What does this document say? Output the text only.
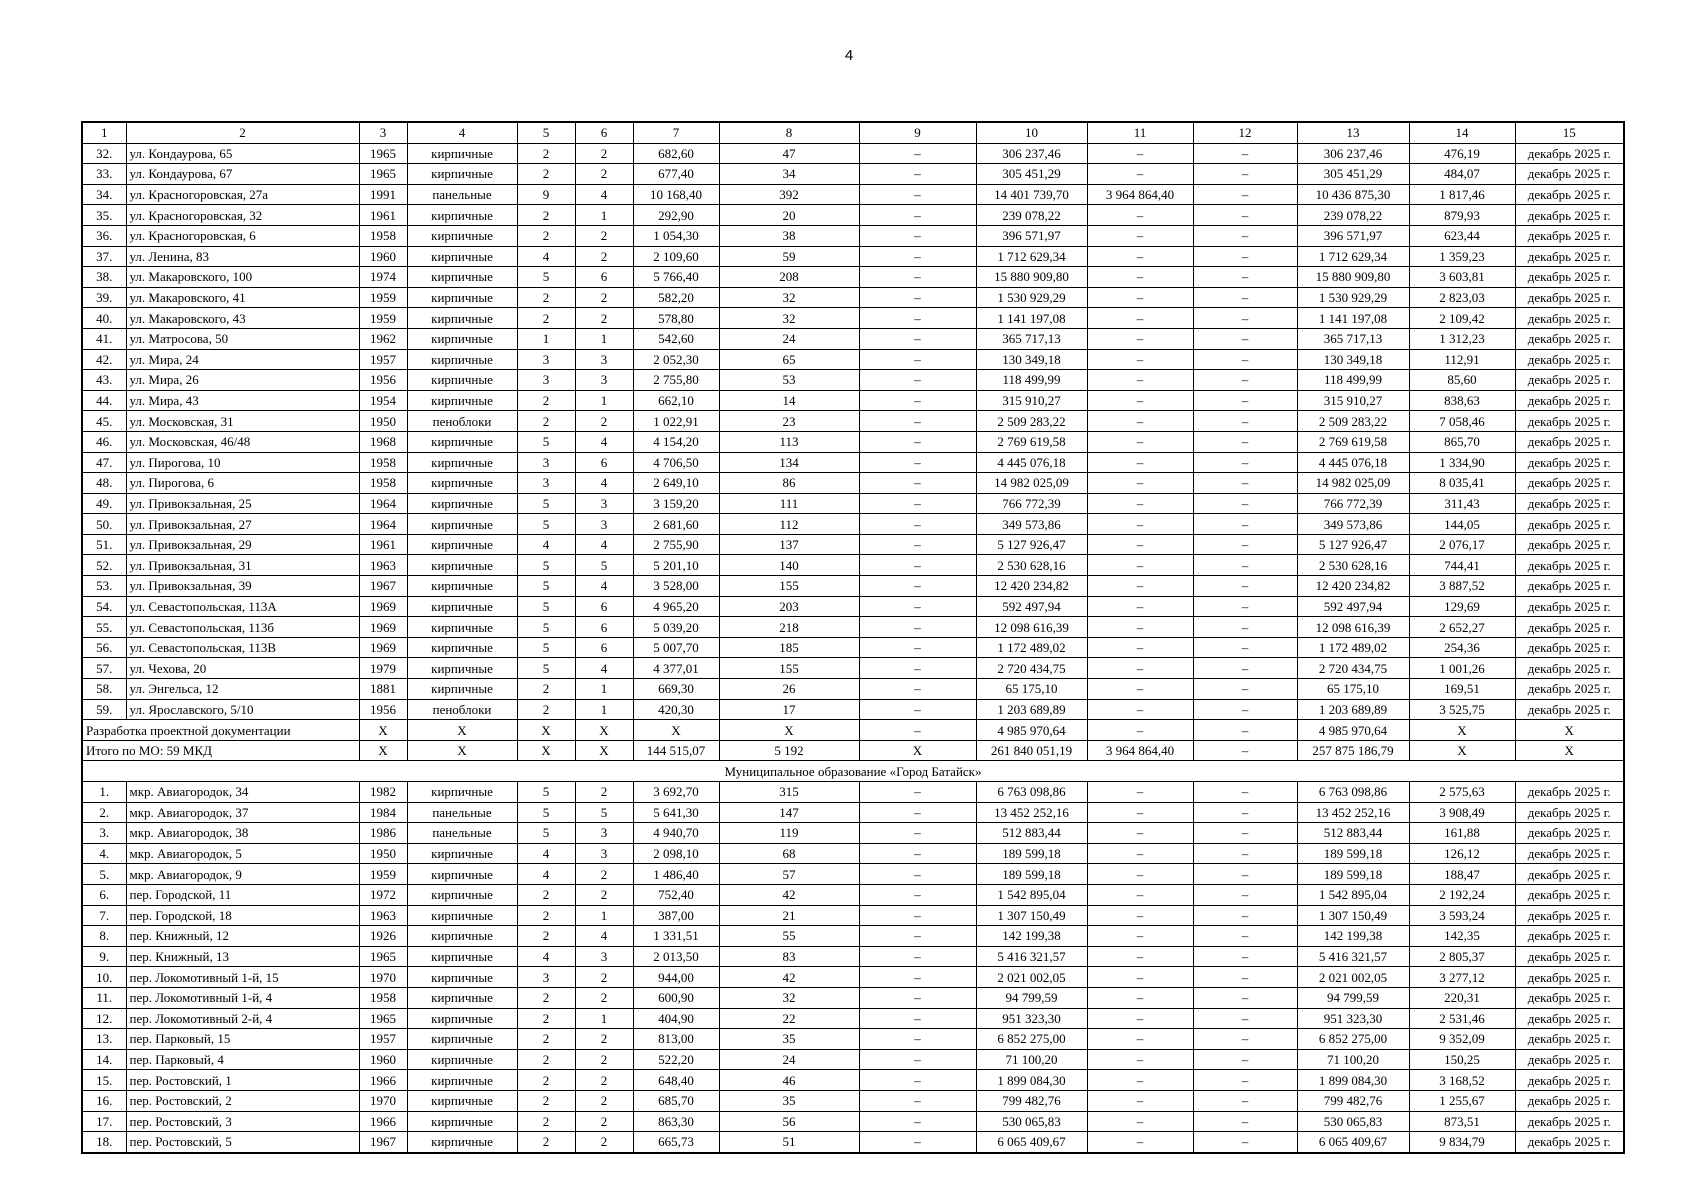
4
1	2	3	4	5	6	7	8	9	10	11	12	13	14	15
32.	ул. Кондаурова, 65	1965	кирпичные	2	2	682,60	47	–	306 237,46	–	–	306 237,46	476,19	декабрь 2025 г.
33.	ул. Кондаурова, 67	1965	кирпичные	2	2	677,40	34	–	305 451,29	–	–	305 451,29	484,07	декабрь 2025 г.
34.	ул. Красногоровская, 27а	1991	панельные	9	4	10 168,40	392	–	14 401 739,70	3 964 864,40	–	10 436 875,30	1 817,46	декабрь 2025 г.
35.	ул. Красногоровская, 32	1961	кирпичные	2	1	292,90	20	–	239 078,22	–	–	239 078,22	879,93	декабрь 2025 г.
36.	ул. Красногоровская, 6	1958	кирпичные	2	2	1 054,30	38	–	396 571,97	–	–	396 571,97	623,44	декабрь 2025 г.
37.	ул. Ленина, 83	1960	кирпичные	4	2	2 109,60	59	–	1 712 629,34	–	–	1 712 629,34	1 359,23	декабрь 2025 г.
38.	ул. Макаровского, 100	1974	кирпичные	5	6	5 766,40	208	–	15 880 909,80	–	–	15 880 909,80	3 603,81	декабрь 2025 г.
39.	ул. Макаровского, 41	1959	кирпичные	2	2	582,20	32	–	1 530 929,29	–	–	1 530 929,29	2 823,03	декабрь 2025 г.
40.	ул. Макаровского, 43	1959	кирпичные	2	2	578,80	32	–	1 141 197,08	–	–	1 141 197,08	2 109,42	декабрь 2025 г.
41.	ул. Матросова, 50	1962	кирпичные	1	1	542,60	24	–	365 717,13	–	–	365 717,13	1 312,23	декабрь 2025 г.
42.	ул. Мира, 24	1957	кирпичные	3	3	2 052,30	65	–	130 349,18	–	–	130 349,18	112,91	декабрь 2025 г.
43.	ул. Мира, 26	1956	кирпичные	3	3	2 755,80	53	–	118 499,99	–	–	118 499,99	85,60	декабрь 2025 г.
44.	ул. Мира, 43	1954	кирпичные	2	1	662,10	14	–	315 910,27	–	–	315 910,27	838,63	декабрь 2025 г.
45.	ул. Московская, 31	1950	пеноблоки	2	2	1 022,91	23	–	2 509 283,22	–	–	2 509 283,22	7 058,46	декабрь 2025 г.
46.	ул. Московская, 46/48	1968	кирпичные	5	4	4 154,20	113	–	2 769 619,58	–	–	2 769 619,58	865,70	декабрь 2025 г.
47.	ул. Пирогова, 10	1958	кирпичные	3	6	4 706,50	134	–	4 445 076,18	–	–	4 445 076,18	1 334,90	декабрь 2025 г.
48.	ул. Пирогова, 6	1958	кирпичные	3	4	2 649,10	86	–	14 982 025,09	–	–	14 982 025,09	8 035,41	декабрь 2025 г.
49.	ул. Привокзальная, 25	1964	кирпичные	5	3	3 159,20	111	–	766 772,39	–	–	766 772,39	311,43	декабрь 2025 г.
50.	ул. Привокзальная, 27	1964	кирпичные	5	3	2 681,60	112	–	349 573,86	–	–	349 573,86	144,05	декабрь 2025 г.
51.	ул. Привокзальная, 29	1961	кирпичные	4	4	2 755,90	137	–	5 127 926,47	–	–	5 127 926,47	2 076,17	декабрь 2025 г.
52.	ул. Привокзальная, 31	1963	кирпичные	5	5	5 201,10	140	–	2 530 628,16	–	–	2 530 628,16	744,41	декабрь 2025 г.
53.	ул. Привокзальная, 39	1967	кирпичные	5	4	3 528,00	155	–	12 420 234,82	–	–	12 420 234,82	3 887,52	декабрь 2025 г.
54.	ул. Севастопольская, 113А	1969	кирпичные	5	6	4 965,20	203	–	592 497,94	–	–	592 497,94	129,69	декабрь 2025 г.
55.	ул. Севастопольская, 113б	1969	кирпичные	5	6	5 039,20	218	–	12 098 616,39	–	–	12 098 616,39	2 652,27	декабрь 2025 г.
56.	ул. Севастопольская, 113В	1969	кирпичные	5	6	5 007,70	185	–	1 172 489,02	–	–	1 172 489,02	254,36	декабрь 2025 г.
57.	ул. Чехова, 20	1979	кирпичные	5	4	4 377,01	155	–	2 720 434,75	–	–	2 720 434,75	1 001,26	декабрь 2025 г.
58.	ул. Энгельса, 12	1881	кирпичные	2	1	669,30	26	–	65 175,10	–	–	65 175,10	169,51	декабрь 2025 г.
59.	ул. Ярославского, 5/10	1956	пеноблоки	2	1	420,30	17	–	1 203 689,89	–	–	1 203 689,89	3 525,75	декабрь 2025 г.
Разработка проектной документации		X	X	X	X	X	X	–	4 985 970,64	–	–	4 985 970,64	X	X
Итого по МО: 59 МКД		X	X	X	X	144 515,07	5 192	X	261 840 051,19	3 964 864,40	–	257 875 186,79	X	X
Муниципальное образование «Город Батайск»														
1.	мкр. Авиагородок, 34	1982	кирпичные	5	2	3 692,70	315	–	6 763 098,86	–	–	6 763 098,86	2 575,63	декабрь 2025 г.
2.	мкр. Авиагородок, 37	1984	панельные	5	5	5 641,30	147	–	13 452 252,16	–	–	13 452 252,16	3 908,49	декабрь 2025 г.
3.	мкр. Авиагородок, 38	1986	панельные	5	3	4 940,70	119	–	512 883,44	–	–	512 883,44	161,88	декабрь 2025 г.
4.	мкр. Авиагородок, 5	1950	кирпичные	4	3	2 098,10	68	–	189 599,18	–	–	189 599,18	126,12	декабрь 2025 г.
5.	мкр. Авиагородок, 9	1959	кирпичные	4	2	1 486,40	57	–	189 599,18	–	–	189 599,18	188,47	декабрь 2025 г.
6.	пер. Городской, 11	1972	кирпичные	2	2	752,40	42	–	1 542 895,04	–	–	1 542 895,04	2 192,24	декабрь 2025 г.
7.	пер. Городской, 18	1963	кирпичные	2	1	387,00	21	–	1 307 150,49	–	–	1 307 150,49	3 593,24	декабрь 2025 г.
8.	пер. Книжный, 12	1926	кирпичные	2	4	1 331,51	55	–	142 199,38	–	–	142 199,38	142,35	декабрь 2025 г.
9.	пер. Книжный, 13	1965	кирпичные	4	3	2 013,50	83	–	5 416 321,57	–	–	5 416 321,57	2 805,37	декабрь 2025 г.
10.	пер. Локомотивный 1-й, 15	1970	кирпичные	3	2	944,00	42	–	2 021 002,05	–	–	2 021 002,05	3 277,12	декабрь 2025 г.
11.	пер. Локомотивный 1-й, 4	1958	кирпичные	2	2	600,90	32	–	94 799,59	–	–	94 799,59	220,31	декабрь 2025 г.
12.	пер. Локомотивный 2-й, 4	1965	кирпичные	2	1	404,90	22	–	951 323,30	–	–	951 323,30	2 531,46	декабрь 2025 г.
13.	пер. Парковый, 15	1957	кирпичные	2	2	813,00	35	–	6 852 275,00	–	–	6 852 275,00	9 352,09	декабрь 2025 г.
14.	пер. Парковый, 4	1960	кирпичные	2	2	522,20	24	–	71 100,20	–	–	71 100,20	150,25	декабрь 2025 г.
15.	пер. Ростовский, 1	1966	кирпичные	2	2	648,40	46	–	1 899 084,30	–	–	1 899 084,30	3 168,52	декабрь 2025 г.
16.	пер. Ростовский, 2	1970	кирпичные	2	2	685,70	35	–	799 482,76	–	–	799 482,76	1 255,67	декабрь 2025 г.
17.	пер. Ростовский, 3	1966	кирпичные	2	2	863,30	56	–	530 065,83	–	–	530 065,83	873,51	декабрь 2025 г.
18.	пер. Ростовский, 5	1967	кирпичные	2	2	665,73	51	–	6 065 409,67	–	–	6 065 409,67	9 834,79	декабрь 2025 г.
